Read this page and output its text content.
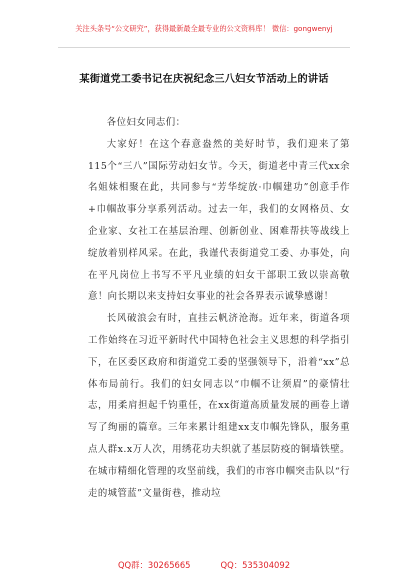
关注头条号“公文研究”，获得最新最全最专业的公文资料库！ 微信：gongwenyj
某街道党工委书记在庆祝纪念三八妇女节活动上的讲话

各位妇女同志们：

大家好！在这个春意盎然的美好时节，我们迎来了第115个“三八”国际劳动妇女节。今天，街道老中青三代xx余名姐妹相聚在此，共同参与“芳华绽放·巾帼建功”创意手作+巾帼故事分享系列活动。过去一年，我们的女网格员、女企业家、女社工在基层治理、创新创业、困难帮扶等战线上绽放着别样风采。在此，我谨代表街道党工委、办事处，向在平凡岗位上书写不平凡业绩的妇女干部职工致以崇高敬意！向长期以来支持妇女事业的社会各界表示诚挚感谢！

长风破浪会有时，直挂云帆济沧海。近年来，街道各项工作始终在习近平新时代中国特色社会主义思想的科学指引下，在区委区政府和街道党工委的坚强领导下，沿着“xx”总体布局前行。我们的妇女同志以“巾帼不让须眉”的豪情壮志，用柔肩担起千钧重任，在xx街道高质量发展的画卷上谱写了绚丽的篇章。三年来累计组建xx支巾帼先锋队，服务重点人群x.x万人次，用绣花功夫织就了基层防疫的铜墙铁壁。在城市精细化管理的攻坚前线，我们的市容巾帼突击队以“行走的城管蓝”文量街巷，推动垃

QQ群：30265665	QQ：535304092
